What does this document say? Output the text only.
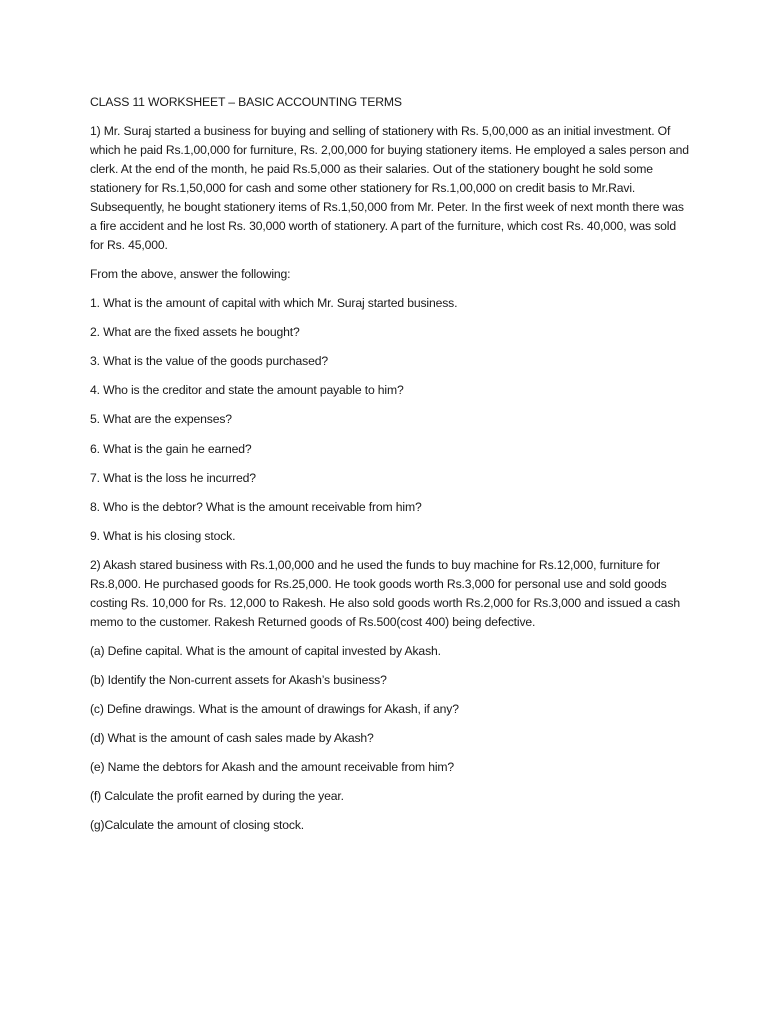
CLASS 11 WORKSHEET – BASIC ACCOUNTING TERMS

1) Mr. Suraj started a business for buying and selling of stationery with Rs. 5,00,000 as an initial investment. Of which he paid Rs.1,00,000 for furniture, Rs. 2,00,000 for buying stationery items. He employed a sales person and clerk. At the end of the month, he paid Rs.5,000 as their salaries. Out of the stationery bought he sold some stationery for Rs.1,50,000 for cash and some other stationery for Rs.1,00,000 on credit basis to Mr.Ravi. Subsequently, he bought stationery items of Rs.1,50,000 from Mr. Peter. In the first week of next month there was a fire accident and he lost Rs. 30,000 worth of stationery. A part of the furniture, which cost Rs. 40,000, was sold for Rs. 45,000.

From the above, answer the following:

1. What is the amount of capital with which Mr. Suraj started business.

2. What are the fixed assets he bought?

3. What is the value of the goods purchased?

4. Who is the creditor and state the amount payable to him?

5. What are the expenses?

6. What is the gain he earned?

7. What is the loss he incurred?

8. Who is the debtor? What is the amount receivable from him?

9. What is his closing stock.

2) Akash stared business with Rs.1,00,000 and he used the funds to buy machine for Rs.12,000, furniture for Rs.8,000. He purchased goods for Rs.25,000. He took goods worth Rs.3,000 for personal use and sold goods costing Rs. 10,000 for Rs. 12,000 to Rakesh. He also sold goods worth Rs.2,000 for Rs.3,000 and issued a cash memo to the customer. Rakesh Returned goods of Rs.500(cost 400) being defective.

(a) Define capital. What is the amount of capital invested by Akash.

(b) Identify the Non-current assets for Akash’s business?

(c) Define drawings. What is the amount of drawings for Akash, if any?

(d) What is the amount of cash sales made by Akash?

(e) Name the debtors for Akash and the amount receivable from him?

(f) Calculate the profit earned by during the year.

(g)Calculate the amount of closing stock.
